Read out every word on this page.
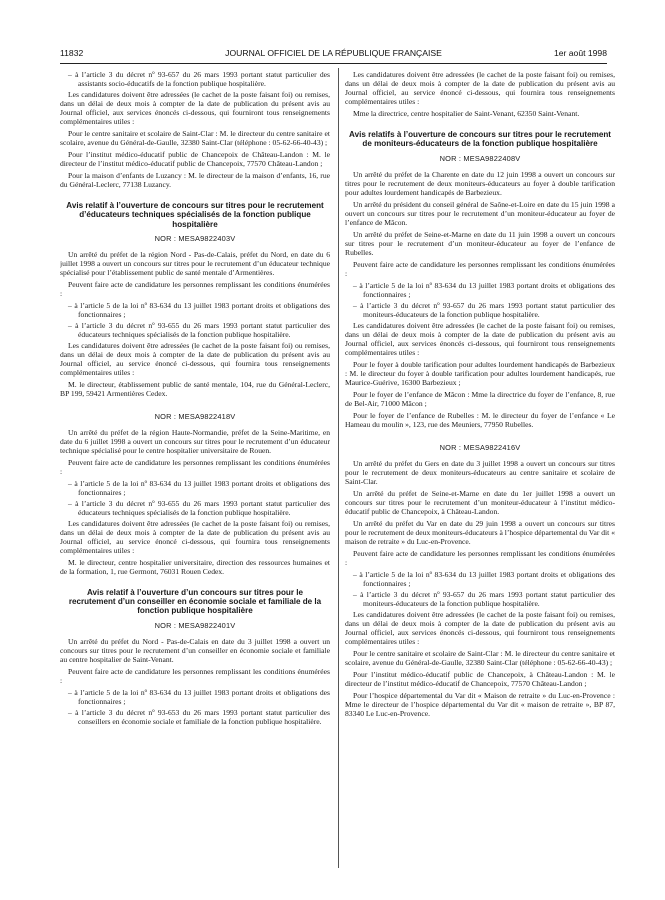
11832	JOURNAL OFFICIEL DE LA RÉPUBLIQUE FRANÇAISE	1er août 1998

– à l’article 3 du décret nº 93-657 du 26 mars 1993 portant statut particulier des assistants socio-éducatifs de la fonction publique hospitalière.

Les candidatures doivent être adressées (le cachet de la poste faisant foi) ou remises, dans un délai de deux mois à compter de la date de publication du présent avis au Journal officiel, aux services énoncés ci-dessous, qui fourniront tous renseignements complémentaires utiles :

Pour le centre sanitaire et scolaire de Saint-Clar : M. le directeur du centre sanitaire et scolaire, avenue du Général-de-Gaulle, 32380 Saint-Clar (téléphone : 05-62-66-40-43) ;

Pour l’institut médico-éducatif public de Chancepoix de Château-Landon : M. le directeur de l’institut médico-éducatif public de Chancepoix, 77570 Château-Landon ;

Pour la maison d’enfants de Luzancy : M. le directeur de la maison d’enfants, 16, rue du Général-Leclerc, 77138 Luzancy.

Avis relatif à l’ouverture de concours sur titres pour le recrutement d’éducateurs techniques spécialisés de la fonction publique hospitalière
NOR : MESA9822403V

Un arrêté du préfet de la région Nord - Pas-de-Calais, préfet du Nord, en date du 6 juillet 1998 a ouvert un concours sur titres pour le recrutement d’un éducateur technique spécialisé pour l’établissement public de santé mentale d’Armentières.

Peuvent faire acte de candidature les personnes remplissant les conditions énumérées :

– à l’article 5 de la loi nº 83-634 du 13 juillet 1983 portant droits et obligations des fonctionnaires ;

– à l’article 3 du décret nº 93-655 du 26 mars 1993 portant statut particulier des éducateurs techniques spécialisés de la fonction publique hospitalière.

Les candidatures doivent être adressées (le cachet de la poste faisant foi) ou remises, dans un délai de deux mois à compter de la date de publication du présent avis au Journal officiel, au service énoncé ci-dessous, qui fournira tous renseignements complémentaires utiles :

M. le directeur, établissement public de santé mentale, 104, rue du Général-Leclerc, BP 199, 59421 Armentières Cedex.

NOR : MESA9822418V

Un arrêté du préfet de la région Haute-Normandie, préfet de la Seine-Maritime, en date du 6 juillet 1998 a ouvert un concours sur titres pour le recrutement d’un éducateur technique spécialisé pour le centre hospitalier universitaire de Rouen.

Peuvent faire acte de candidature les personnes remplissant les conditions énumérées :

– à l’article 5 de la loi nº 83-634 du 13 juillet 1983 portant droits et obligations des fonctionnaires ;

– à l’article 3 du décret nº 93-655 du 26 mars 1993 portant statut particulier des éducateurs techniques spécialisés de la fonction publique hospitalière.

Les candidatures doivent être adressées (le cachet de la poste faisant foi) ou remises, dans un délai de deux mois à compter de la date de publication du présent avis au Journal officiel, au service énoncé ci-dessous, qui fournira tous renseignements complémentaires utiles :

M. le directeur, centre hospitalier universitaire, direction des ressources humaines et de la formation, 1, rue Germont, 76031 Rouen Cedex.

Avis relatif à l’ouverture d’un concours sur titres pour le recrutement d’un conseiller en économie sociale et familiale de la fonction publique hospitalière
NOR : MESA9822401V

Un arrêté du préfet du Nord - Pas-de-Calais en date du 3 juillet 1998 a ouvert un concours sur titres pour le recrutement d’un conseiller en économie sociale et familiale au centre hospitalier de Saint-Venant.

Peuvent faire acte de candidature les personnes remplissant les conditions énumérées :

– à l’article 5 de la loi nº 83-634 du 13 juillet 1983 portant droits et obligations des fonctionnaires ;

– à l’article 3 du décret nº 93-653 du 26 mars 1993 portant statut particulier des conseillers en économie sociale et familiale de la fonction publique hospitalière.

Les candidatures doivent être adressées (le cachet de la poste faisant foi) ou remises, dans un délai de deux mois à compter de la date de publication du présent avis au Journal officiel, au service énoncé ci-dessous, qui fournira tous renseignements complémentaires utiles :

Mme la directrice, centre hospitalier de Saint-Venant, 62350 Saint-Venant.

Avis relatifs à l’ouverture de concours sur titres pour le recrutement de moniteurs-éducateurs de la fonction publique hospitalière
NOR : MESA9822408V

Un arrêté du préfet de la Charente en date du 12 juin 1998 a ouvert un concours sur titres pour le recrutement de deux moniteurs-éducateurs au foyer à double tarification pour adultes lourdement handicapés de Barbezieux.

Un arrêté du président du conseil général de Saône-et-Loire en date du 15 juin 1998 a ouvert un concours sur titres pour le recrutement d’un moniteur-éducateur au foyer de l’enfance de Mâcon.

Un arrêté du préfet de Seine-et-Marne en date du 11 juin 1998 a ouvert un concours sur titres pour le recrutement d’un moniteur-éducateur au foyer de l’enfance de Rubelles.

Peuvent faire acte de candidature les personnes remplissant les conditions énumérées :

– à l’article 5 de la loi nº 83-634 du 13 juillet 1983 portant droits et obligations des fonctionnaires ;

– à l’article 3 du décret nº 93-657 du 26 mars 1993 portant statut particulier des moniteurs-éducateurs de la fonction publique hospitalière.

Les candidatures doivent être adressées (le cachet de la poste faisant foi) ou remises, dans un délai de deux mois à compter de la date de publication du présent avis au Journal officiel, aux services énoncés ci-dessous, qui fourniront tous renseignements complémentaires utiles :

Pour le foyer à double tarification pour adultes lourdement handicapés de Barbezieux : M. le directeur du foyer à double tarification pour adultes lourdement handicapés, rue Maurice-Guérive, 16300 Barbezieux ;

Pour le foyer de l’enfance de Mâcon : Mme la directrice du foyer de l’enfance, 8, rue de Bel-Air, 71000 Mâcon ;

Pour le foyer de l’enfance de Rubelles : M. le directeur du foyer de l’enfance « Le Hameau du moulin », 123, rue des Meuniers, 77950 Rubelles.

NOR : MESA9822416V

Un arrêté du préfet du Gers en date du 3 juillet 1998 a ouvert un concours sur titres pour le recrutement de deux moniteurs-éducateurs au centre sanitaire et scolaire de Saint-Clar.

Un arrêté du préfet de Seine-et-Marne en date du 1er juillet 1998 a ouvert un concours sur titres pour le recrutement d’un moniteur-éducateur à l’institut médico-éducatif public de Chancepoix, à Château-Landon.

Un arrêté du préfet du Var en date du 29 juin 1998 a ouvert un concours sur titres pour le recrutement de deux moniteurs-éducateurs à l’hospice départemental du Var dit « maison de retraite » du Luc-en-Provence.

Peuvent faire acte de candidature les personnes remplissant les conditions énumérées :

– à l’article 5 de la loi nº 83-634 du 13 juillet 1983 portant droits et obligations des fonctionnaires ;

– à l’article 3 du décret nº 93-657 du 26 mars 1993 portant statut particulier des moniteurs-éducateurs de la fonction publique hospitalière.

Les candidatures doivent être adressées (le cachet de la poste faisant foi) ou remises, dans un délai de deux mois à compter de la date de publication du présent avis au Journal officiel, aux services énoncés ci-dessous, qui fourniront tous renseignements complémentaires utiles :

Pour le centre sanitaire et scolaire de Saint-Clar : M. le directeur du centre sanitaire et scolaire, avenue du Général-de-Gaulle, 32380 Saint-Clar (téléphone : 05-62-66-40-43) ;

Pour l’institut médico-éducatif public de Chancepoix, à Château-Landon : M. le directeur de l’institut médico-éducatif de Chancepoix, 77570 Château-Landon ;

Pour l’hospice départemental du Var dit « Maison de retraite » du Luc-en-Provence : Mme le directeur de l’hospice départemental du Var dit « maison de retraite », BP 87, 83340 Le Luc-en-Provence.
